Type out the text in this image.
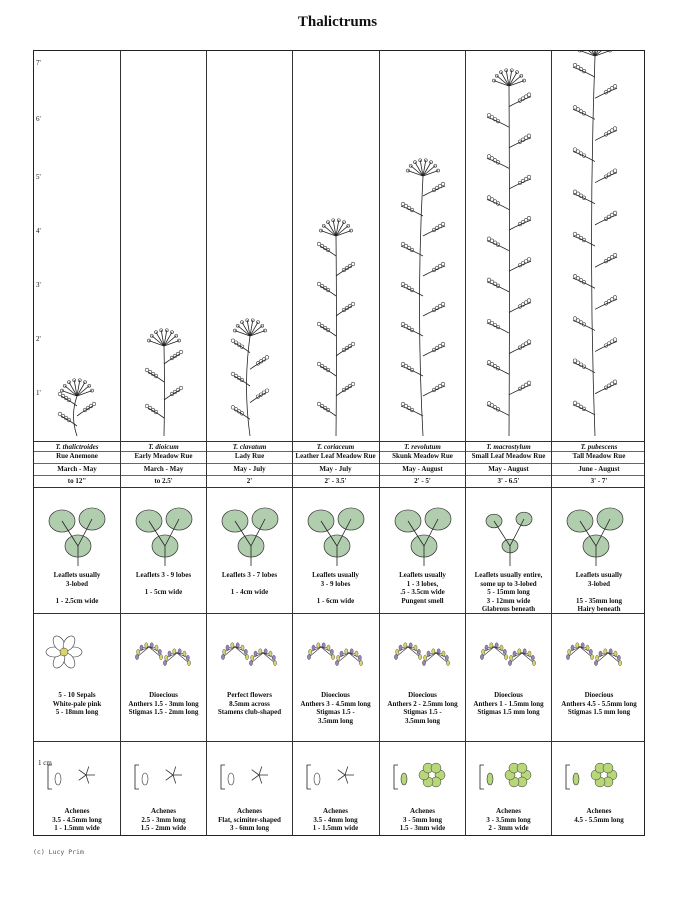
Thalictrums
7'
6'
5'
4'
3'
2'
1'
T. thalictroides
Rue Anemone
March - May
to 12"
Leaflets usually
3-lobed
1 - 2.5cm wide
5 - 10 Sepals
White-pale pink
5 - 18mm long
1 cm
Achenes
3.5 - 4.5mm long
1 - 1.5mm wide
T. dioicum
Early Meadow Rue
March - May
to 2.5'
Leaflets 3 - 9 lobes
1 - 5cm wide
Dioecious
Anthers 1.5 - 3mm long
Stigmas 1.5 - 2mm long
Achenes
2.5 - 3mm long
1.5 - 2mm wide
T. clavatum
Lady Rue
May - July
2'
Leaflets 3 - 7 lobes
1 - 4cm wide
Perfect flowers
8.5mm across
Stamens club-shaped
Achenes
Flat, scimiter-shaped
3 - 6mm long
T. coriaceum
Leather Leaf Meadow Rue
May - July
2' - 3.5'
Leaflets usually
3 - 9 lobes
1 - 6cm wide
Dioecious
Anthers 3 - 4.5mm long
Stigmas 1.5 -
3.5mm long
Achenes
3.5 - 4mm long
1 - 1.5mm wide
T. revolutum
Skunk Meadow Rue
May - August
2' - 5'
Leaflets usually
1 - 3 lobes,
.5 - 3.5cm wide
Pungent smell
Dioecious
Anthers 2 - 2.5mm long
Stigmas 1.5 -
3.5mm long
Achenes
3 - 5mm long
1.5 - 3mm wide
T. macrostylum
Small Leaf Meadow Rue
May - August
3' - 6.5'
Leaflets usually entire,
some up to 3-lobed
5 - 15mm long
3 - 12mm wide
Glabrous beneath
Dioecious
Anthers 1 - 1.5mm long
Stigmas 1.5 mm long
Achenes
3 - 3.5mm long
2 - 3mm wide
T. pubescens
Tall Meadow Rue
June - August
3' - 7'
Leaflets usually
3-lobed
15 - 35mm long
Hairy beneath
Dioecious
Anthers 4.5 - 5.5mm long
Stigmas 1.5 mm long
Achenes
4.5 - 5.5mm long
(c) Lucy Prim
